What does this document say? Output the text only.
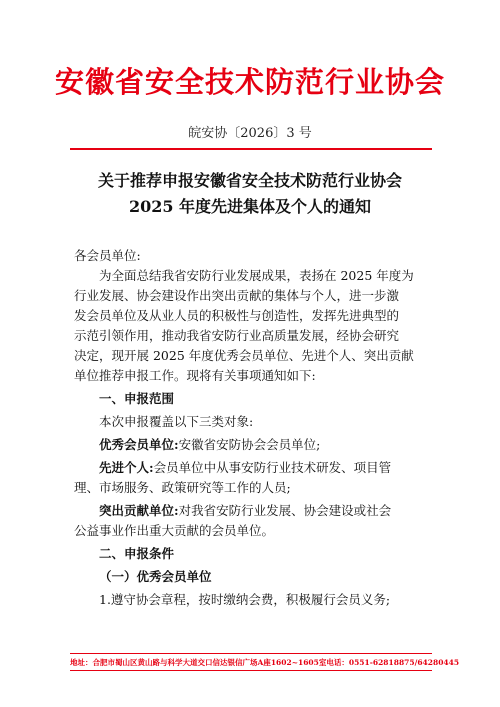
安徽省安全技术防范行业协会
皖安协〔2026〕3 号
关于推荐申报安徽省安全技术防范行业协会
2025 年度先进集体及个人的通知

各会员单位:

为全面总结我省安防行业发展成果，表扬在 2025 年度为

行业发展、协会建设作出突出贡献的集体与个人，进一步激

发会员单位及从业人员的积极性与创造性，发挥先进典型的

示范引领作用，推动我省安防行业高质量发展，经协会研究

决定，现开展 2025 年度优秀会员单位、先进个人、突出贡献

单位推荐申报工作。现将有关事项通知如下:

一、申报范围

本次申报覆盖以下三类对象:

优秀会员单位:安徽省安防协会会员单位;

先进个人:会员单位中从事安防行业技术研发、项目管

理、市场服务、政策研究等工作的人员;

突出贡献单位:对我省安防行业发展、协会建设或社会

公益事业作出重大贡献的会员单位。

二、申报条件

（一）优秀会员单位

1.遵守协会章程，按时缴纳会费，积极履行会员义务;

地址：合肥市蜀山区黄山路与科学大道交口信达银信广场A座1602~1605室 电话：0551-62818875/64280445
